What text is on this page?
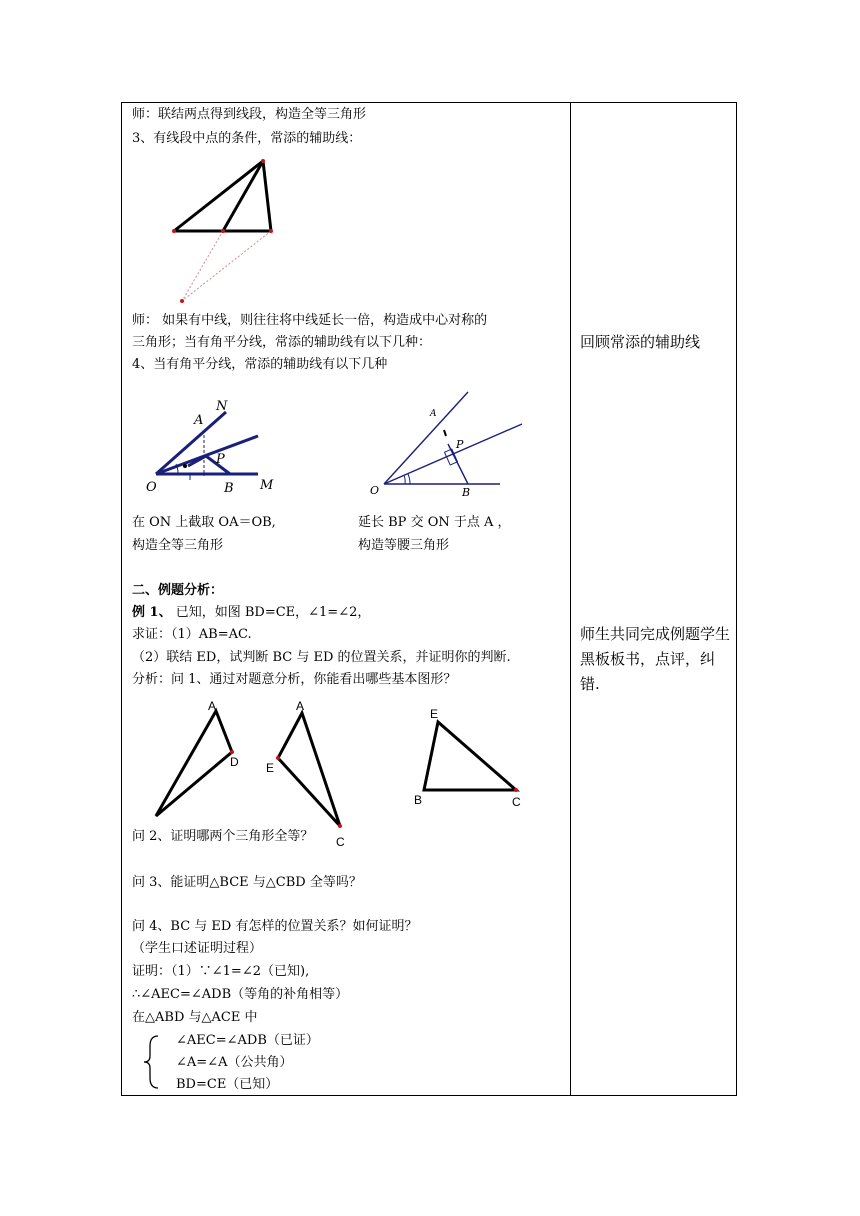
师：联结两点得到线段，构造全等三角形
3、有线段中点的条件，常添的辅助线：
师： 如果有中线，则往往将中线延长一倍，构造成中心对称的
三角形；当有角平分线，常添的辅助线有以下几种：
4、当有角平分线，常添的辅助线有以下几种
A
N
P
O	B M
A
P
O	B
在 ON 上截取 OA＝OB,
构造全等三角形
延长 BP 交 ON 于点 A ，
构造等腰三角形
二、例题分析：
例 1、 已知，如图 BD=CE，∠1=∠2，
求证：（1）AB=AC.
（2）联结 ED，试判断 BC 与 ED 的位置关系，并证明你的判断.
分析：问 1、通过对题意分析，你能看出哪些基本图形？
A
D
A
E
C
E
B	C
问 2、证明哪两个三角形全等？
问 3、能证明△BCE 与△CBD 全等吗？
问 4、BC 与 ED 有怎样的位置关系？如何证明？
（学生口述证明过程）
证明：（1）∵∠1=∠2（已知),
∴∠AEC=∠ADB（等角的补角相等）
在△ABD 与△ACE 中
∠AEC=∠ADB（已证）
∠A=∠A（公共角）
BD=CE（已知）
回顾常添的辅助线
师生共同完成例题学生黑板板书，点评，纠错.
